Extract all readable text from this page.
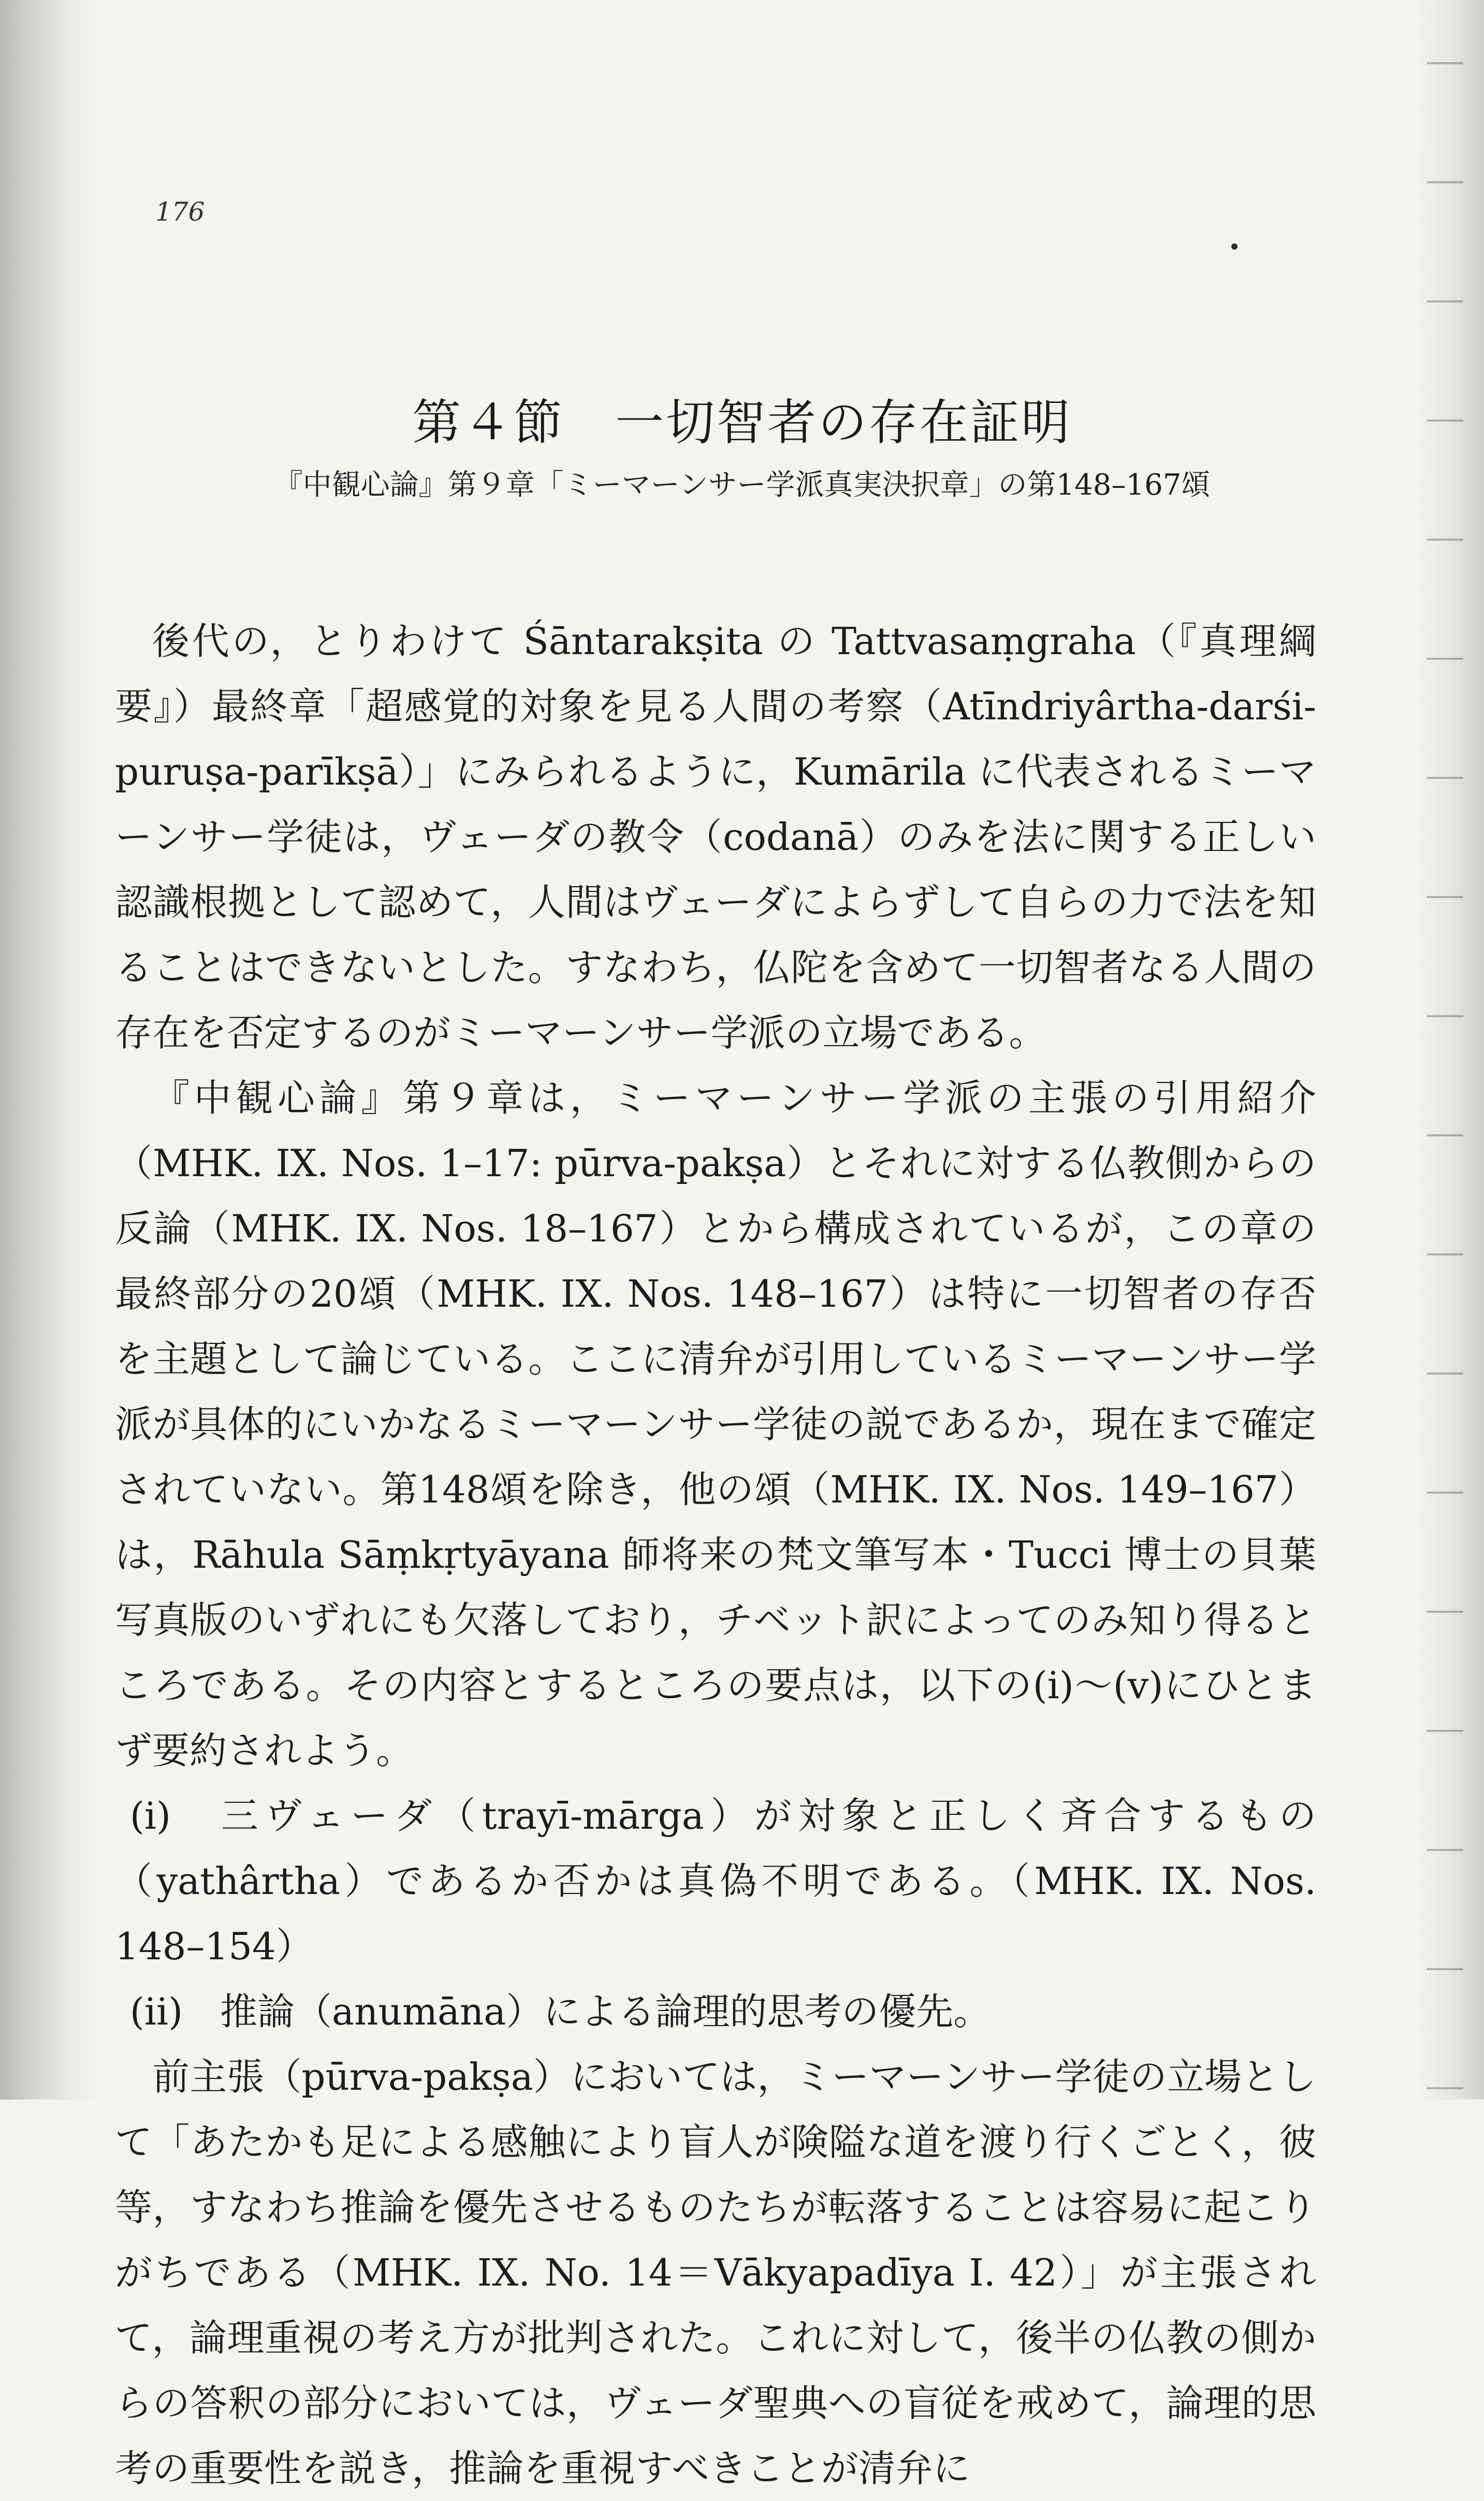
176
第４節　一切智者の存在証明
『中観心論』第９章「ミーマーンサー学派真実決択章」の第148–167頌

後代の，とりわけて Śāntarakṣita の Tattvasaṃgraha（『真理綱要』）最終章「超感覚的対象を見る人間の考察（Atīndriyârtha-darśi-puruṣa-parīkṣā）」にみられるように，Kumārila に代表されるミーマーンサー学徒は，ヴェーダの教令（codanā）のみを法に関する正しい認識根拠として認めて，人間はヴェーダによらずして自らの力で法を知ることはできないとした。すなわち，仏陀を含めて一切智者なる人間の存在を否定するのがミーマーンサー学派の立場である。

『中観心論』第９章は，ミーマーンサー学派の主張の引用紹介（MHK. IX. Nos. 1–17: pūrva-pakṣa）とそれに対する仏教側からの反論（MHK. IX. Nos. 18–167）とから構成されているが，この章の最終部分の20頌（MHK. IX. Nos. 148–167）は特に一切智者の存否を主題として論じている。ここに清弁が引用しているミーマーンサー学派が具体的にいかなるミーマーンサー学徒の説であるか，現在まで確定されていない。第148頌を除き，他の頌（MHK. IX. Nos. 149–167）は，Rāhula Sāṃkṛtyāyana 師将来の梵文筆写本・Tucci 博士の貝葉写真版のいずれにも欠落しており，チベット訳によってのみ知り得るところである。その内容とするところの要点は，以下の(i)～(v)にひとまず要約されよう。

(i)　三ヴェーダ（trayī-mārga）が対象と正しく斉合するもの（yathârtha）であるか否かは真偽不明である。（MHK. IX. Nos. 148–154）

(ii)　推論（anumāna）による論理的思考の優先。

前主張（pūrva-pakṣa）においては，ミーマーンサー学徒の立場として「あたかも足による感触により盲人が険隘な道を渡り行くごとく，彼等，すなわち推論を優先させるものたちが転落することは容易に起こりがちである（MHK. IX. No. 14＝Vākyapadīya I. 42）」が主張されて，論理重視の考え方が批判された。これに対して，後半の仏教の側からの答釈の部分においては，ヴェーダ聖典への盲従を戒めて，論理的思考の重要性を説き，推論を重視すべきことが清弁に
